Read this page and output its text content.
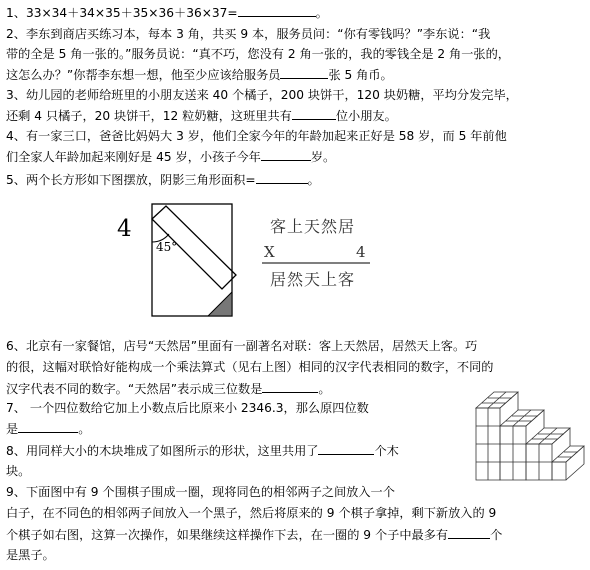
1、33×34＋34×35＋35×36＋36×37=	。
2、李东到商店买练习本，每本 3 角，共买 9 本，服务员问：“你有零钱吗？”李东说：“我
带的全是 5 角一张的。”服务员说：“真不巧，您没有 2 角一张的，我的零钱全是 2 角一张的，
这怎么办？”你帮李东想一想，他至少应该给服务员	张 5 角币。
3、幼儿园的老师给班里的小朋友送来 40 个橘子，200 块饼干，120 块奶糖，平均分发完毕，
还剩 4 只橘子，20 块饼干，12 粒奶糖，这班里共有	位小朋友。
4、有一家三口，爸爸比妈妈大 3 岁，他们全家今年的年龄加起来正好是 58 岁，而 5 年前他
们全家人年龄加起来刚好是 45 岁，小孩子今年	岁。
5、两个长方形如下图摆放，阴影三角形面积=	。
4
45°
客上天然居
X	4
居然天上客
6、北京有一家餐馆，店号“天然居”里面有一副著名对联：客上天然居，居然天上客。巧
的很，这幅对联恰好能构成一个乘法算式（见右上图）相同的汉字代表相同的数字，不同的
汉字代表不同的数字。“天然居”表示成三位数是	。
7、 一个四位数给它加上小数点后比原来小 2346.3，那么原四位数
是	。
8、用同样大小的木块堆成了如图所示的形状，这里共用了	个木
块。
9、下面图中有 9 个围棋子围成一圈，现将同色的相邻两子之间放入一个
白子，在不同色的相邻两子间放入一个黑子，然后将原来的 9 个棋子拿掉，剩下新放入的 9
个棋子如右图，这算一次操作，如果继续这样操作下去，在一圈的 9 个子中最多有	个
是黑子。
